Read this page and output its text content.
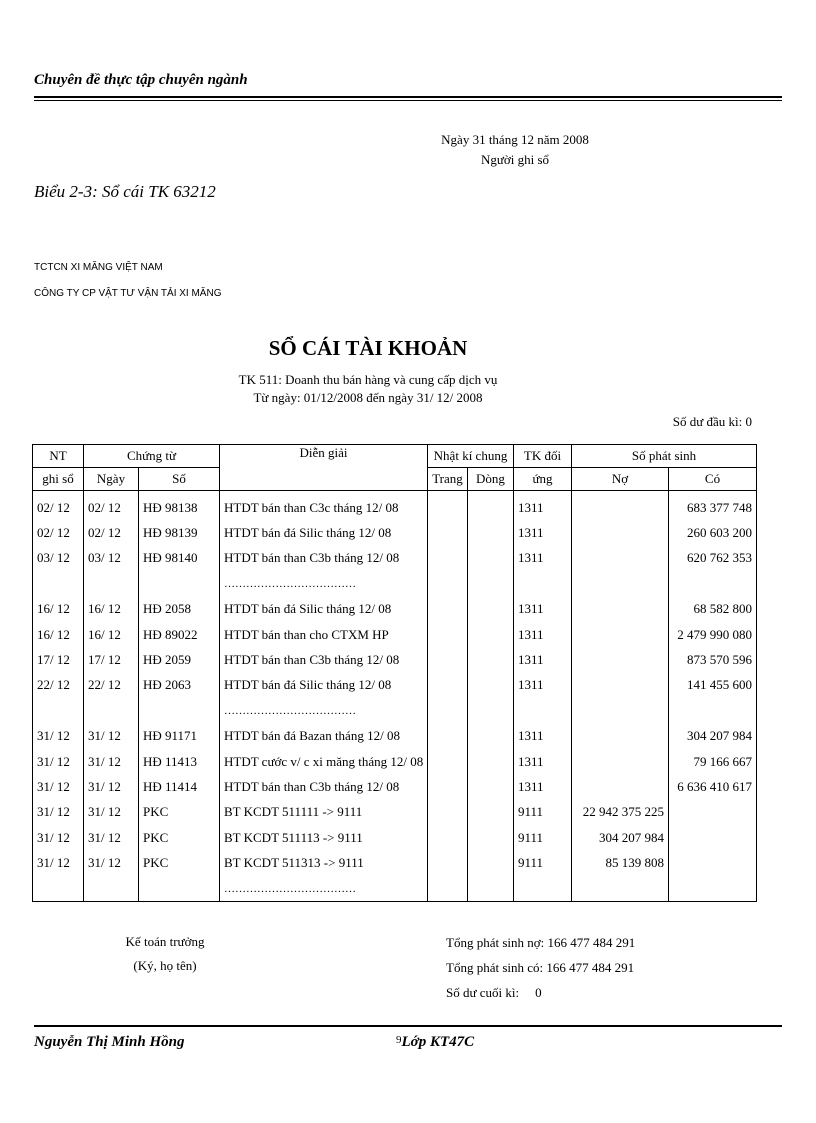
Chuyên đề thực tập chuyên ngành
Ngày 31 tháng 12 năm 2008
Người ghi sổ
Biểu 2-3: Sổ cái TK 63212
TCTCN XI MĂNG VIỆT NAM
CÔNG TY CP VẬT TƯ VẬN TẢI XI MĂNG
SỔ CÁI TÀI KHOẢN
TK 511: Doanh thu bán hàng và cung cấp dịch vụ
Từ ngày: 01/12/2008 đến ngày 31/ 12/ 2008
Số dư đầu kì: 0
NT	Chứng từ		Diễn giải	Nhật kí chung		TK đối	Số phát sinh	
ghi sổ	Ngày	Số		Trang	Dòng	ứng	Nợ	Có
02/ 12	02/ 12	HĐ 98138	HTDT bán than C3c tháng 12/ 08			1311		683 377 748
02/ 12	02/ 12	HĐ 98139	HTDT bán đá Silic tháng 12/ 08			1311		260 603 200
03/ 12	03/ 12	HĐ 98140	HTDT bán than C3b tháng 12/ 08			1311		620 762 353
			………………………………					
16/ 12	16/ 12	HĐ 2058	HTDT bán đá Silic tháng 12/ 08			1311		68 582 800
16/ 12	16/ 12	HĐ 89022	HTDT bán than cho CTXM HP			1311		2 479 990 080
17/ 12	17/ 12	HĐ 2059	HTDT bán than C3b tháng 12/ 08			1311		873 570 596
22/ 12	22/ 12	HĐ 2063	HTDT bán đá Silic tháng 12/ 08			1311		141 455 600
			………………………………					
31/ 12	31/ 12	HĐ 91171	HTDT bán đá Bazan tháng 12/ 08			1311		304 207 984
31/ 12	31/ 12	HĐ 11413	HTDT cước v/ c xi măng tháng 12/ 08			1311		79 166 667
31/ 12	31/ 12	HĐ 11414	HTDT bán than C3b tháng 12/ 08			1311		6 636 410 617
31/ 12	31/ 12	PKC	BT KCDT 511111 -> 9111			9111	22 942 375 225	
31/ 12	31/ 12	PKC	BT KCDT 511113 -> 9111			9111	304 207 984	
31/ 12	31/ 12	PKC	BT KCDT 511313 -> 9111			9111	85 139 808	
			………………………………					
Kế toán trưởng
(Ký, họ tên)
Tổng phát sinh nợ: 166 477 484 291
Tổng phát sinh có: 166 477 484 291
Số dư cuối kì: 0
Nguyễn Thị Minh Hồng	$^9$Lớp KT47C
